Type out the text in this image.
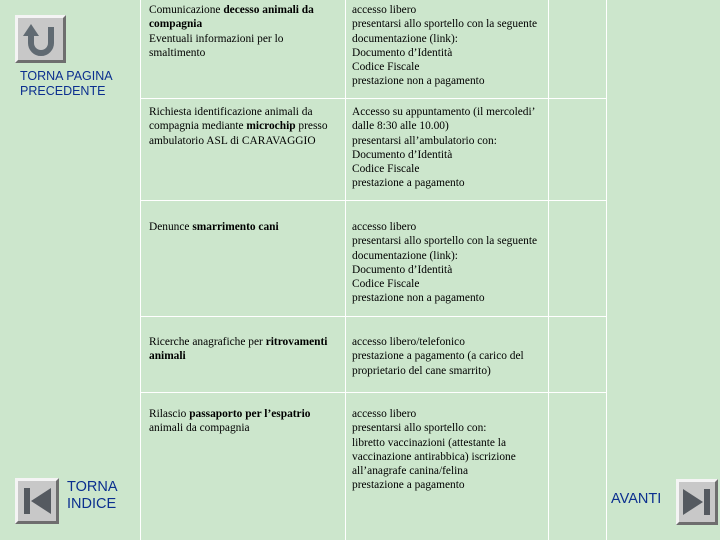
TORNA PAGINA PRECEDENTE
TORNA INDICE	AVANTI
Comunicazione decesso animali da compagnia
Eventuali informazioni per lo smaltimento
accesso libero
presentarsi allo sportello con la seguente documentazione (link):
Documento d’Identità
Codice Fiscale
prestazione non a pagamento
Richiesta identificazione animali da compagnia mediante microchip presso ambulatorio ASL di CARAVAGGIO
Accesso su appuntamento (il mercoledi’ dalle 8:30 alle 10.00)
presentarsi all’ambulatorio con:
Documento d’Identità
Codice Fiscale
prestazione a pagamento
Denunce smarrimento cani	accesso libero
presentarsi allo sportello con la seguente documentazione (link):
Documento d’Identità
Codice Fiscale
prestazione non a pagamento
Ricerche anagrafiche per ritrovamenti animali
accesso libero/telefonico
prestazione a pagamento (a carico del proprietario del cane smarrito)
Rilascio passaporto per l’espatrio animali da compagnia
accesso libero
presentarsi allo sportello con:
libretto vaccinazioni (attestante la vaccinazione antirabbica) iscrizione all’anagrafe canina/felina
prestazione a pagamento
